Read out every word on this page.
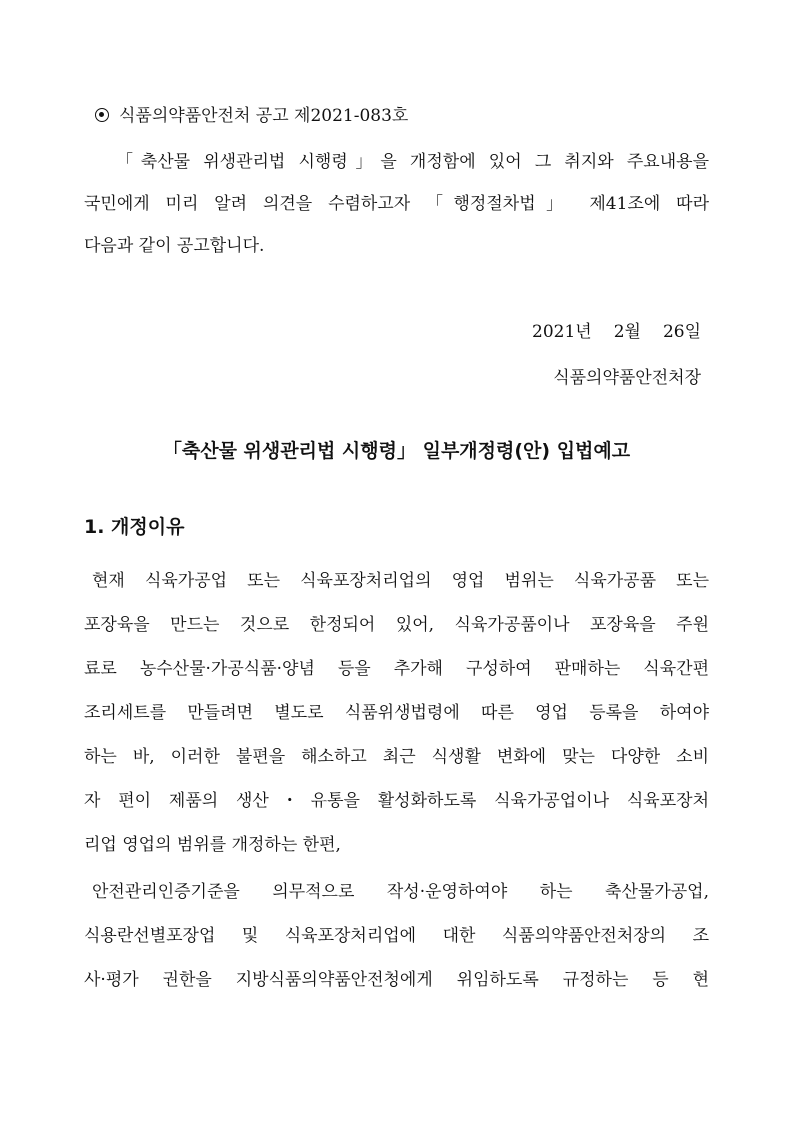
식품의약품안전처 공고 제2021-083호
「축산물 위생관리법 시행령」을 개정함에 있어 그 취지와 주요내용을
국민에게 미리 알려 의견을 수렴하고자 「행정절차법」 제41조에 따라
다음과 같이 공고합니다.
2021년 2월 26일
식품의약품안전처장
「축산물 위생관리법 시행령」 일부개정령(안) 입법예고
1. 개정이유
현재 식육가공업 또는 식육포장처리업의 영업 범위는 식육가공품 또는
포장육을 만드는 것으로 한정되어 있어, 식육가공품이나 포장육을 주원
료로 농수산물·가공식품·양념 등을 추가해 구성하여 판매하는 식육간편
조리세트를 만들려면 별도로 식품위생법령에 따른 영업 등록을 하여야
하는 바, 이러한 불편을 해소하고 최근 식생활 변화에 맞는 다양한 소비
자 편이 제품의 생산・유통을 활성화하도록 식육가공업이나 식육포장처
리업 영업의 범위를 개정하는 한편,
안전관리인증기준을 의무적으로 작성·운영하여야 하는 축산물가공업,
식용란선별포장업 및 식육포장처리업에 대한 식품의약품안전처장의 조
사·평가 권한을 지방식품의약품안전청에게 위임하도록 규정하는 등 현
